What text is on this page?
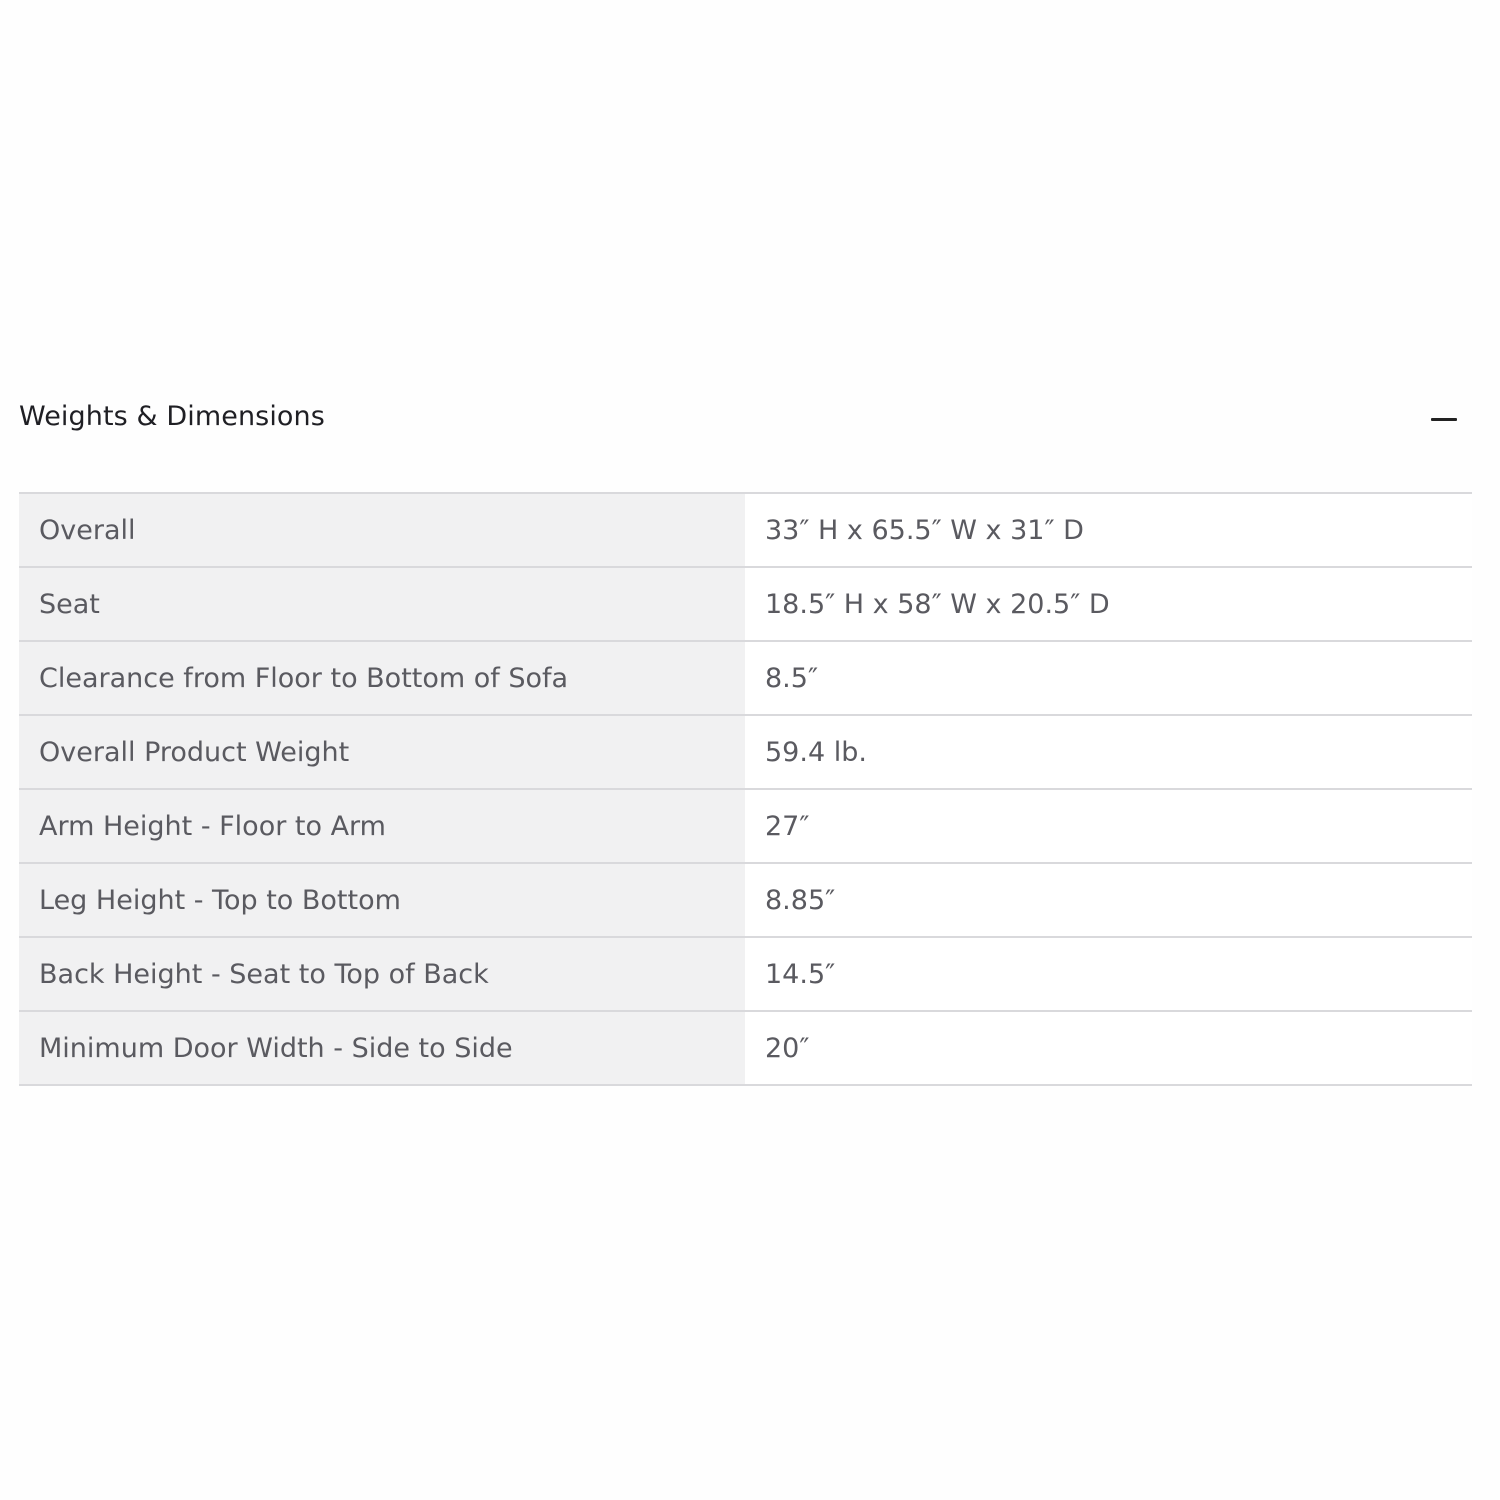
Weights & Dimensions
Overall	33″ H x 65.5″ W x 31″ D
Seat	18.5″ H x 58″ W x 20.5″ D
Clearance from Floor to Bottom of Sofa	8.5″
Overall Product Weight	59.4 lb.
Arm Height - Floor to Arm	27″
Leg Height - Top to Bottom	8.85″
Back Height - Seat to Top of Back	14.5″
Minimum Door Width - Side to Side	20″
